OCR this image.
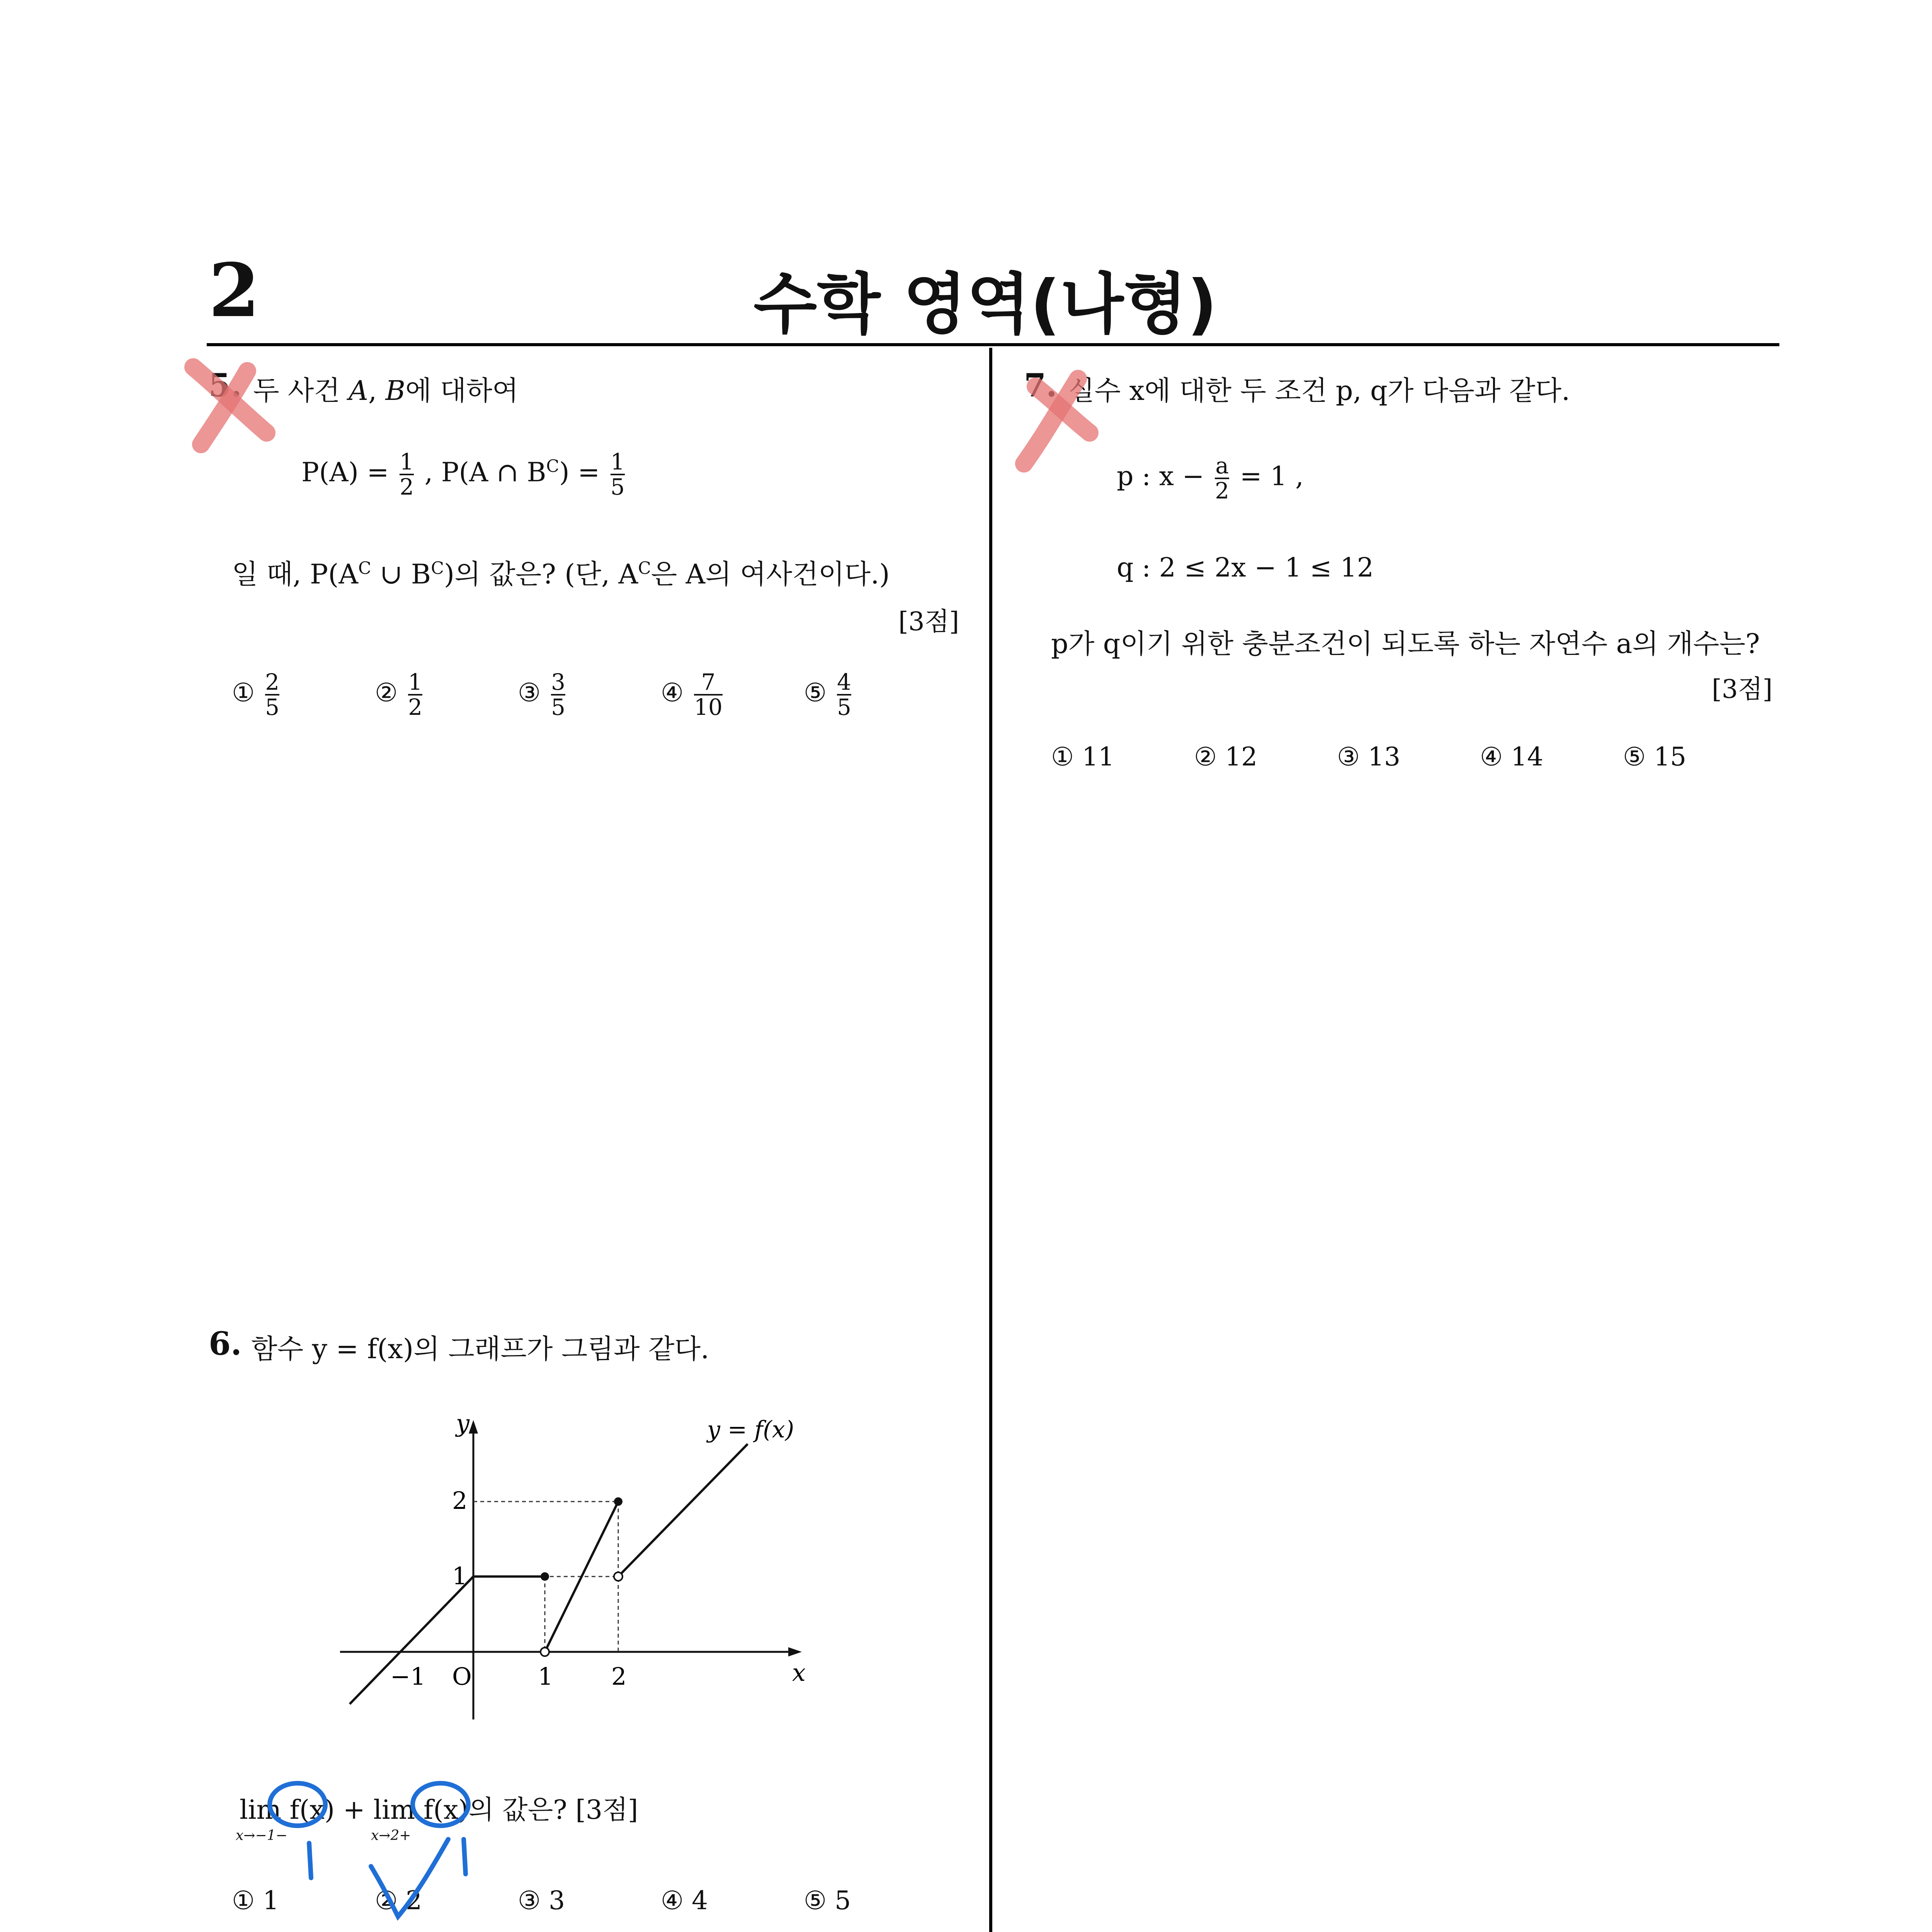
2	수학 영역(나형)
5. 두 사건 A, B에 대하여
$P(A) = \frac{1}{2}$ , P(A ∩ $B^C) = \frac{1}{5}$
일 때, $P(A^C$ ∪ $B^C$)의 값은? (단, $A^C$은 A의 여사건이다.)
[3점]
① $\frac{2}{5}$	② $\frac{1}{2}$	③ $\frac{3}{5}$	④ $\frac{7}{10}$	⑤ $\frac{4}{5}$
6. 함수 y = f(x)의 그래프가 그림과 같다.
y
x
O
y = f(x)
−1	1 2
1
2
lim f(x) + lim f(x)의 값은? [3점]
x→−1−	x→2+
① 1	② 2	③ 3	④ 4	⑤ 5
7. 실수 x에 대한 두 조건 p, q가 다음과 같다.
p : $x - \frac{a}{2} = 1$ ,
q : 2 ≤ 2x − 1 ≤ 12
p가 q이기 위한 충분조건이 되도록 하는 자연수 a의 개수는?
[3점]
① 11	② 12	③ 13	④ 14	⑤ 15
